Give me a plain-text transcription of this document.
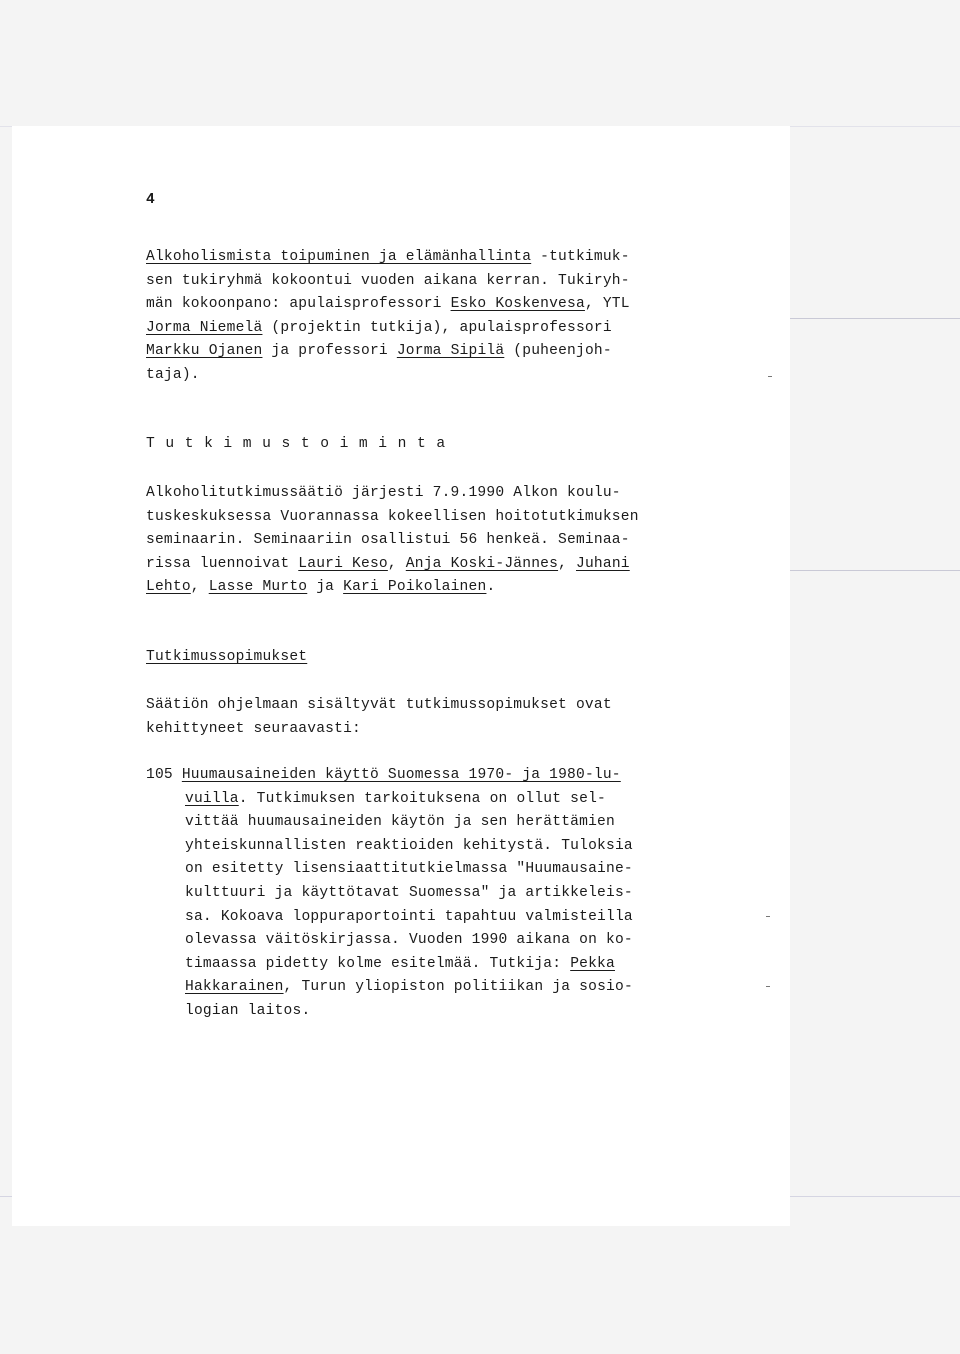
4

Alkoholismista toipuminen ja elämänhallinta -tutkimuk-
sen tukiryhmä kokoontui vuoden aikana kerran. Tukiryh-
män kokoonpano: apulaisprofessori Esko Koskenvesa, YTL
Jorma Niemelä (projektin tutkija), apulaisprofessori
Markku Ojanen ja professori Jorma Sipilä (puheenjoh-
taja).

Tutkimustoiminta

Alkoholitutkimussäätiö järjesti 7.9.1990 Alkon koulu-
tuskeskuksessa Vuorannassa kokeellisen hoitotutkimuksen
seminaarin. Seminaariin osallistui 56 henkeä. Seminaa-
rissa luennoivat Lauri Keso, Anja Koski-Jännes, Juhani
Lehto, Lasse Murto ja Kari Poikolainen.

Tutkimussopimukset

Säätiön ohjelmaan sisältyvät tutkimussopimukset ovat
kehittyneet seuraavasti:

105 Huumausaineiden käyttö Suomessa 1970- ja 1980-lu-
vuilla. Tutkimuksen tarkoituksena on ollut sel-
vittää huumausaineiden käytön ja sen herättämien
yhteiskunnallisten reaktioiden kehitystä. Tuloksia
on esitetty lisensiaattitutkielmassa "Huumausaine-
kulttuuri ja käyttötavat Suomessa" ja artikkeleis-
sa. Kokoava loppuraportointi tapahtuu valmisteilla
olevassa väitöskirjassa. Vuoden 1990 aikana on ko-
timaassa pidetty kolme esitelmää. Tutkija: Pekka
Hakkarainen, Turun yliopiston politiikan ja sosio-
logian laitos.
